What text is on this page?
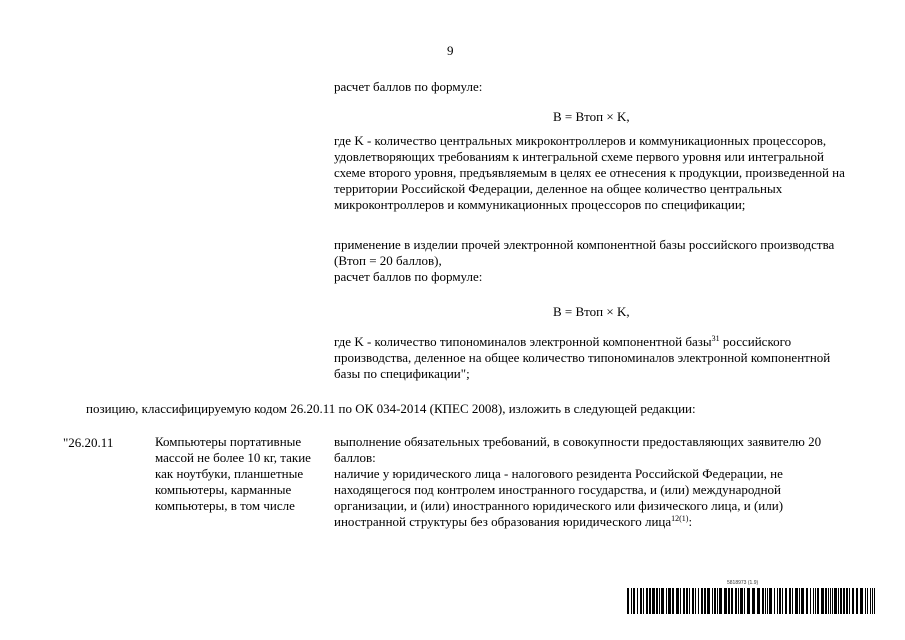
9
расчет баллов по формуле:
B = Bтоп × K,
где K - количество центральных микроконтроллеров и коммуникационных процессоров, удовлетворяющих требованиям к интегральной схеме первого уровня или интегральной схеме второго уровня, предъявляемым в целях ее отнесения к продукции, произведенной на территории Российской Федерации, деленное на общее количество центральных микроконтроллеров и коммуникационных процессоров по спецификации;
применение в изделии прочей электронной компонентной базы российского производства (Bтоп = 20 баллов),
расчет баллов по формуле:
B = Bтоп × K,
где K - количество типономиналов электронной компонентной базы$^{31}$ российского производства, деленное на общее количество типономиналов электронной компонентной базы по спецификации";
позицию, классифицируемую кодом 26.20.11 по ОК 034-2014 (КПЕС 2008), изложить в следующей редакции:
"26.20.11	Компьютеры портативные массой не более 10 кг, такие как ноутбуки, планшетные компьютеры, карманные компьютеры, в том числе
выполнение обязательных требований, в совокупности предоставляющих заявителю 20 баллов:
наличие у юридического лица - налогового резидента Российской Федерации, не находящегося под контролем иностранного государства, и (или) международной организации, и (или) иностранного юридического или физического лица, и (или) иностранной структуры без образования юридического лица$^{12(1)}$:
5818973 (1.9)
